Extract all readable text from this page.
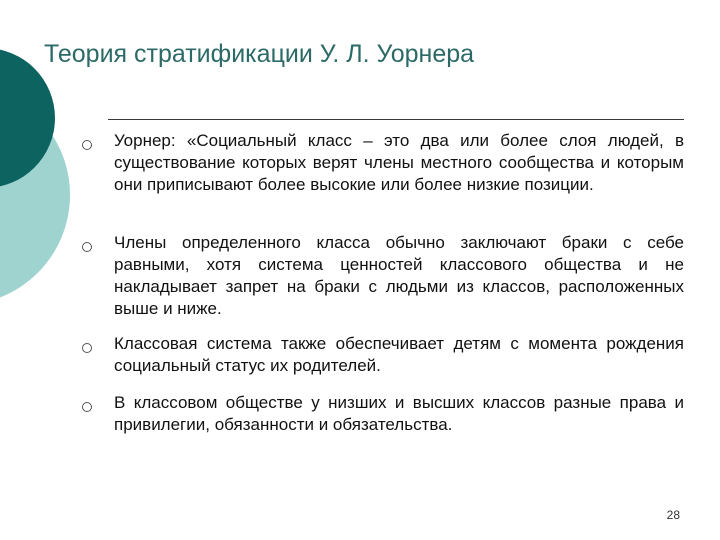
Теория стратификации У. Л. Уорнера
Уорнер: «Социальный класс – это два или более слоя людей, в существование которых верят члены местного сообщества и которым они приписывают более высокие или более низкие позиции.
Члены определенного класса обычно заключают браки с себе равными, хотя система ценностей классового общества и не накладывает запрет на браки с людьми из классов, расположенных выше и ниже.
Классовая система также обеспечивает детям с момента рождения социальный статус их родителей.
В классовом обществе у низших и высших классов разные права и привилегии, обязанности и обязательства.
28
